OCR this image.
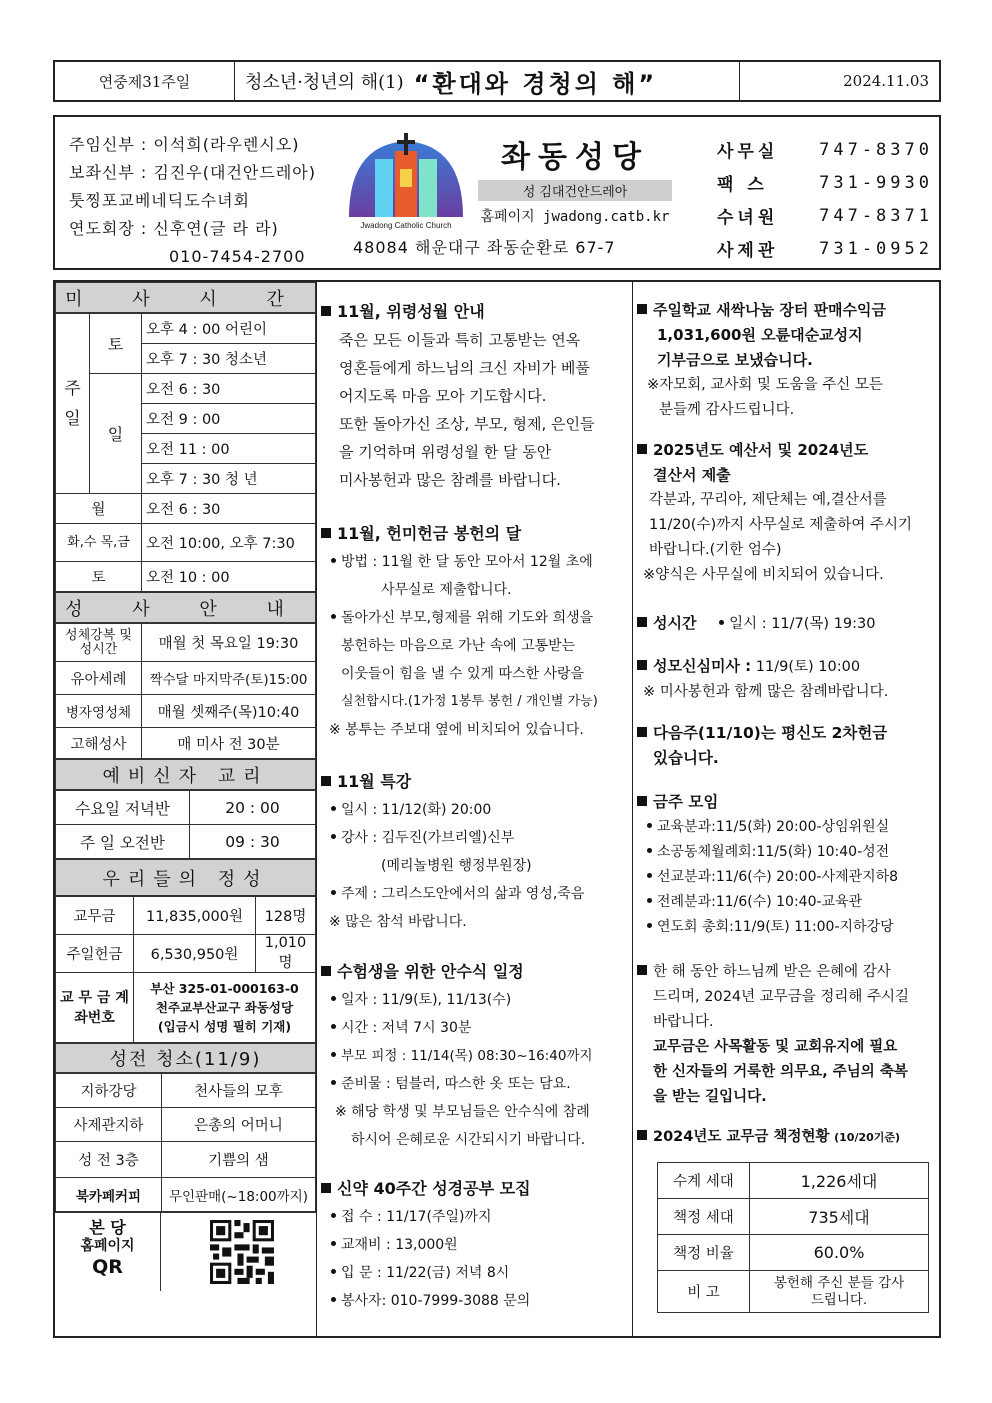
연중제31주일	청소년·청년의 해(1) “환대와 경청의 해”	2024.11.03
주임신부 : 이석희(라우렌시오)
보좌신부 : 김진우(대건안드레아)
툿찡포교베네딕도수녀회
연도회장 : 신후연(글 라 라)
010-7454-2700
Jwadong Catholic Church
좌동성당
성 김대건안드레아
홈페이지 jwadong.catb.kr
48084 해운대구 좌동순환로 67-7
사무실 747-8370
팩 스	731-9930
수녀원 747-8371
사제관 731-0952
미 사 시 간
주일	토	오후 4 : 00 어린이
		오후 7 : 30 청소년
	일	오전 6 : 30
		오전 9 : 00
		오전 11 : 00
		오후 7 : 30 청 년
월		오전 6 : 30
화,수 목,금		오전 10:00, 오후 7:30
토		오전 10 : 00
성 사 안 내
성체강복 및 성시간	매월 첫 목요일 19:30
유아세례	짝수달 마지막주(토)15:00
병자영성체	매월 셋째주(목)10:40
고해성사	매 미사 전 30분
예비신자 교리
수요일 저녁반	20 : 00
주 일 오전반	09 : 30
우리들의 정성
교무금	11,835,000원	128명
주일헌금	6,530,950원	1,010명
교 무 금 계좌번호	부산 325-01-000163-0
천주교부산교구 좌동성당
(입금시 성명 필히 기재)	
성전 청소(11/9)
지하강당	천사들의 모후
사제관지하	은총의 어머니
성 전 3층	기쁨의 샘
북카페커피	무인판매(~18:00까지)
본 당
홈페이지
QR
11월, 위령성월 안내
죽은 모든 이들과 특히 고통받는 연옥
영혼들에게 하느님의 크신 자비가 베풀
어지도록 마음 모아 기도합시다.
또한 돌아가신 조상, 부모, 형제, 은인들
을 기억하며 위령성월 한 달 동안
미사봉헌과 많은 참례를 바랍니다.
11월, 헌미헌금 봉헌의 달
방법 : 11월 한 달 동안 모아서 12월 초에
사무실로 제출합니다.
돌아가신 부모,형제를 위해 기도와 희생을
봉헌하는 마음으로 가난 속에 고통받는
이웃들이 힘을 낼 수 있게 따스한 사랑을
실천합시다.(1가정 1봉투 봉헌 / 개인별 가능)
※ 봉투는 주보대 옆에 비치되어 있습니다.
11월 특강
일시 : 11/12(화) 20:00
강사 : 김두진(가브리엘)신부
(메리놀병원 행정부원장)
주제 : 그리스도안에서의 삶과 영성,죽음
※ 많은 참석 바랍니다.
수험생을 위한 안수식 일정
일자 : 11/9(토), 11/13(수)
시간 : 저녁 7시 30분
부모 피정 : 11/14(목) 08:30~16:40까지
준비물 : 텀블러, 따스한 옷 또는 담요.
※ 해당 학생 및 부모님들은 안수식에 참례
하시어 은혜로운 시간되시기 바랍니다.
신약 40주간 성경공부 모집
접 수 : 11/17(주일)까지
교재비 : 13,000원
입 문 : 11/22(금) 저녁 8시
봉사자: 010-7999-3088 문의
주일학교 새싹나눔 장터 판매수익금
1,031,600원 오륜대순교성지
기부금으로 보냈습니다.
※자모회, 교사회 및 도움을 주신 모든
분들께 감사드립니다.
2025년도 예산서 및 2024년도
결산서 제출
각분과, 꾸리아, 제단체는 예,결산서를
11/20(수)까지 사무실로 제출하여 주시기
바랍니다.(기한 엄수)
※양식은 사무실에 비치되어 있습니다.
성시간 일시 : 11/7(목) 19:30
성모신심미사 : 11/9(토) 10:00
※ 미사봉헌과 함께 많은 참례바랍니다.
다음주(11/10)는 평신도 2차헌금
있습니다.
금주 모임
교육분과:11/5(화) 20:00-상임위원실
소공동체월례회:11/5(화) 10:40-성전
선교분과:11/6(수) 20:00-사제관지하8
전례분과:11/6(수) 10:40-교육관
연도회 총회:11/9(토) 11:00-지하강당
한 해 동안 하느님께 받은 은혜에 감사
드리며, 2024년 교무금을 정리해 주시길
바랍니다.
교무금은 사목활동 및 교회유지에 필요
한 신자들의 거룩한 의무요, 주님의 축복
을 받는 길입니다.
2024년도 교무금 책정현황 (10/20기준)
수계 세대	1,226세대
책정 세대	735세대
책정 비율	60.0%
비 고	봉헌해 주신 분들 감사드립니다.
